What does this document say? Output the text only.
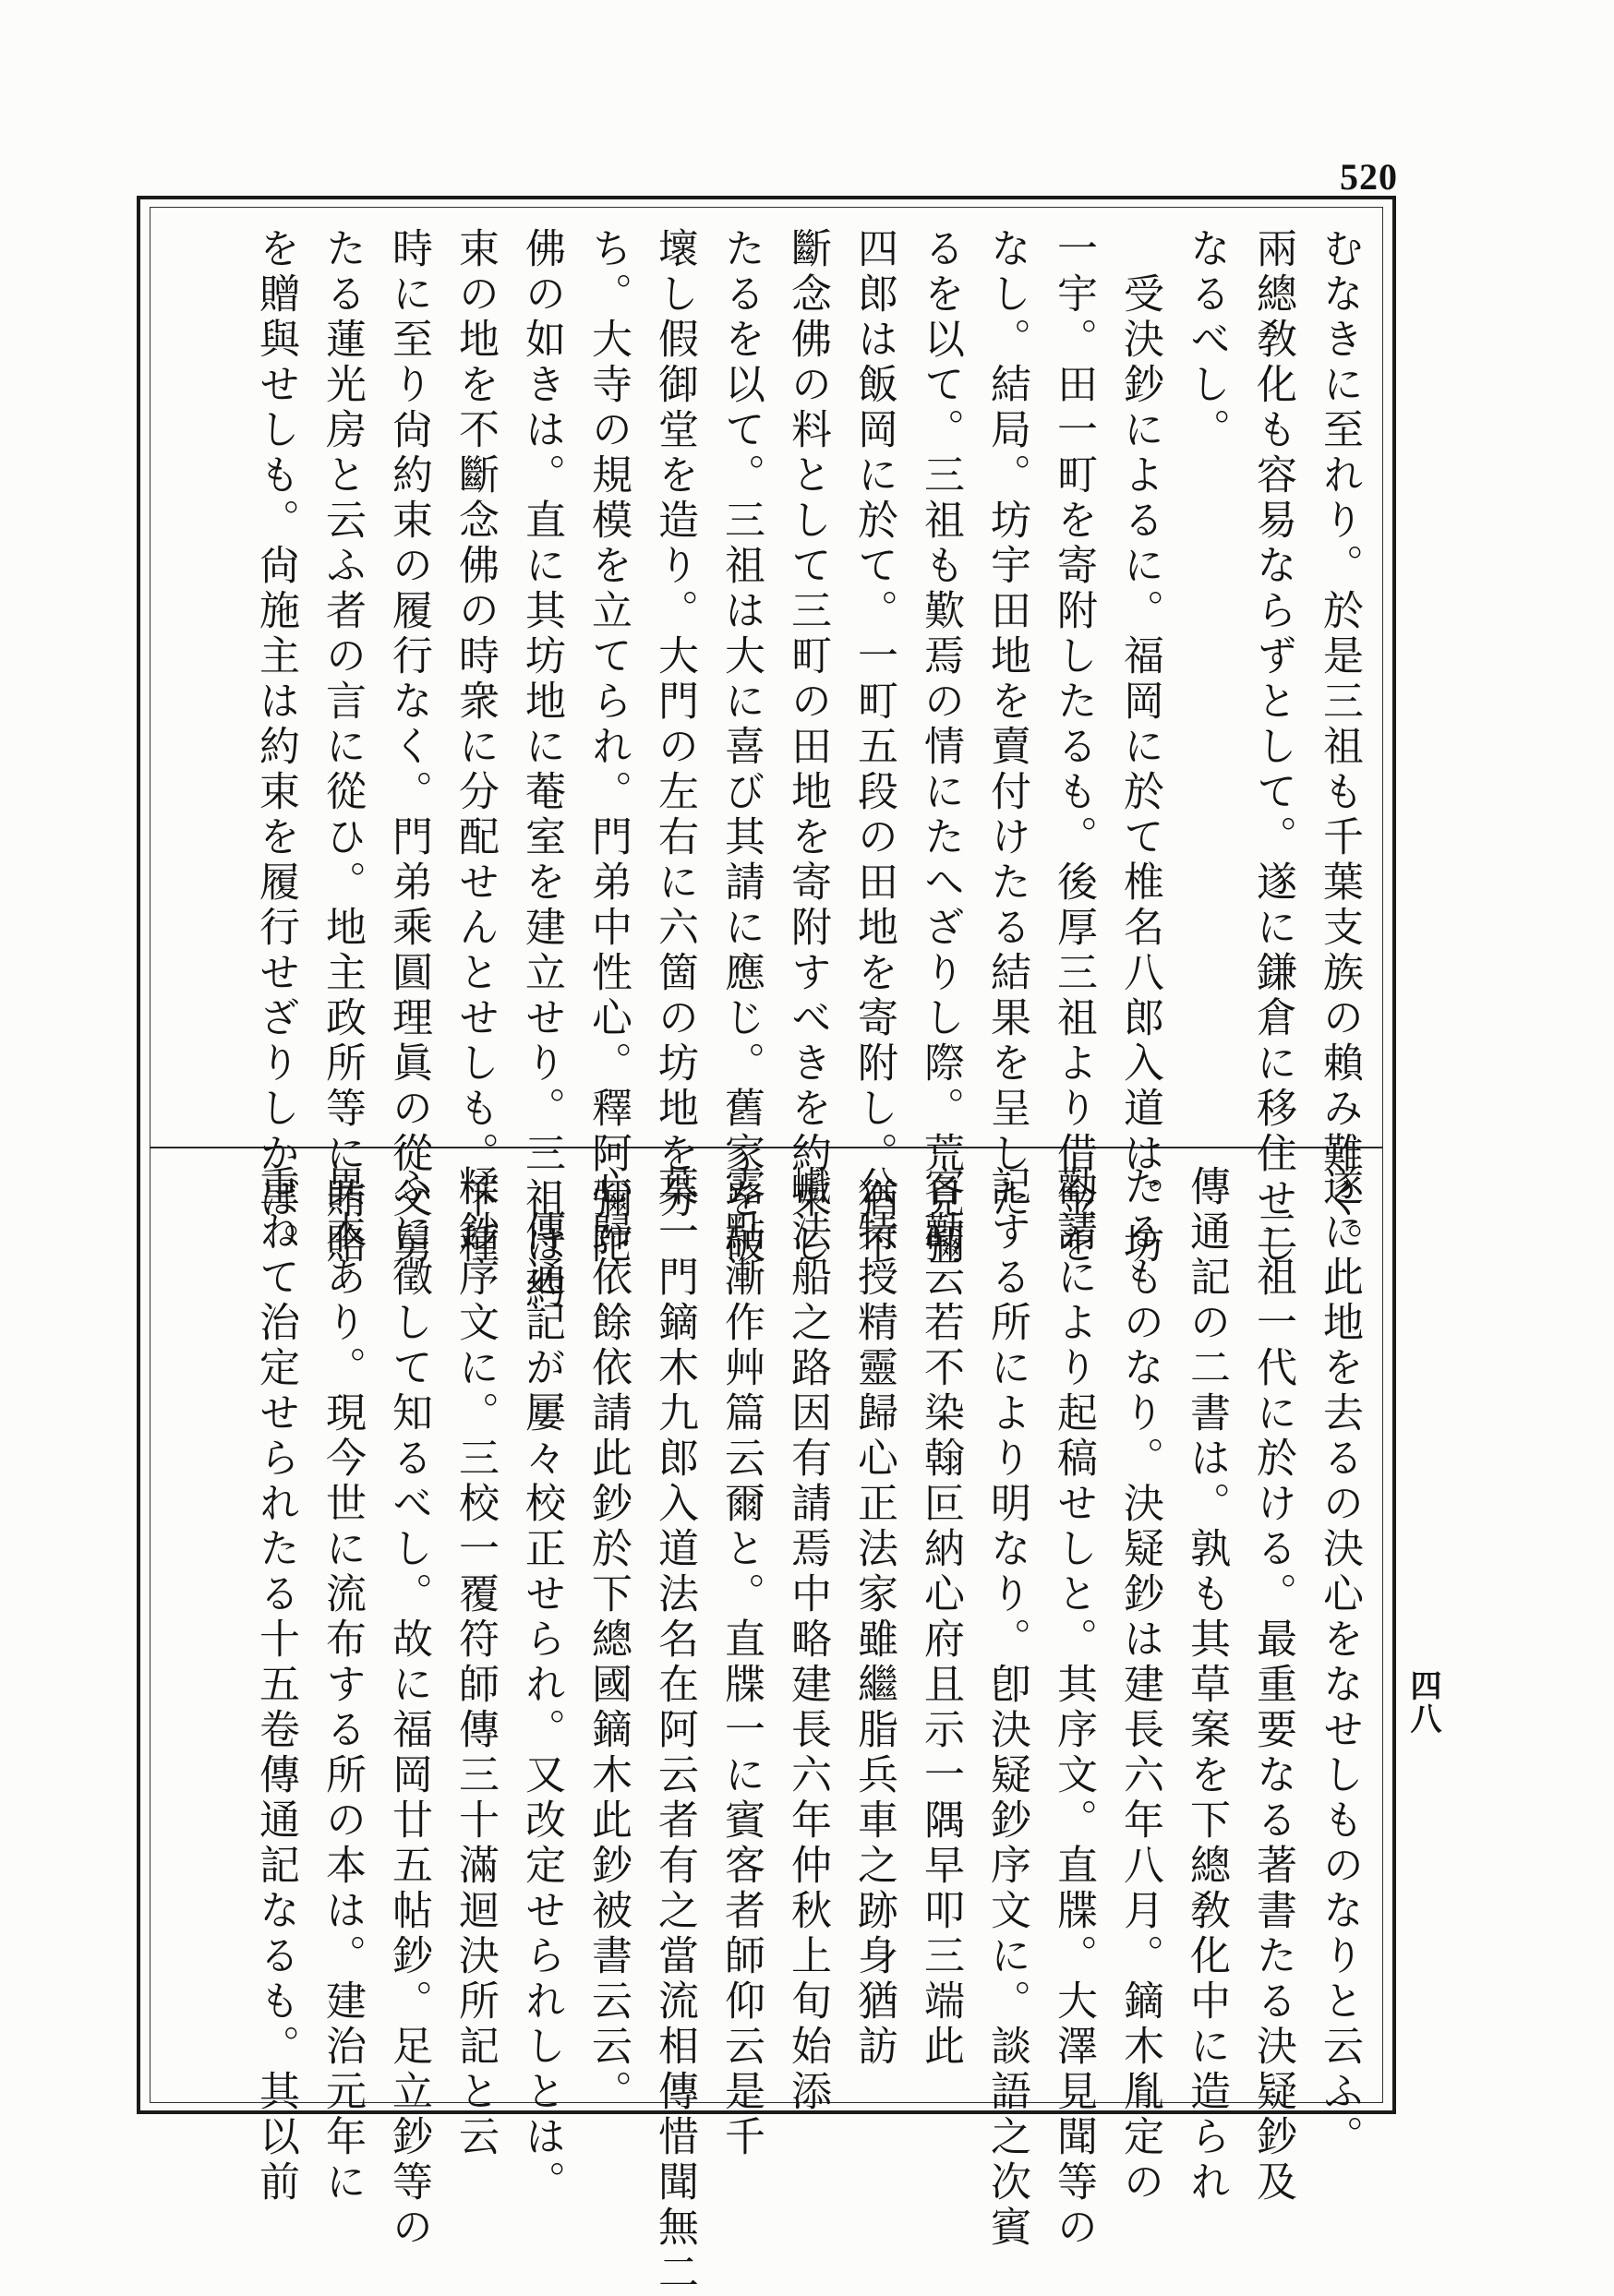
520
四八
むなきに至れり。於是三祖も千葉支族の賴み難く。
兩總敎化も容易ならずとして。遂に鎌倉に移住せし
なるべし。
　受決鈔によるに。福岡に於て椎名八郎入道は。坊
一宇。田一町を寄附したるも。後厚三祖より借金を
なし。結局。坊宇田地を賣付けたる結果を呈した
るを以て。三祖も歎焉の情にたへざりし際。荒見彌
四郎は飯岡に於て。一町五段の田地を寄附し。猶不
斷念佛の料として三町の田地を寄附すべきを約束し
たるを以て。三祖は大に喜び其請に應じ。舊家を破
壞し假御堂を造り。大門の左右に六箇の坊地を分
ち。大寺の規模を立てられ。門弟中性心。釋阿彌陀
佛の如きは。直に其坊地に菴室を建立せり。三祖は約
束の地を不斷念佛の時衆に分配せんとせしも。下種
時に至り尙約束の履行なく。門弟乘圓理眞の從父舅
たる蓮光房と云ふ者の言に從ひ。地主政所等に賄賂
を贈與せしも。尙施主は約束を履行せざりしかば。
遂に此地を去るの決心をなせしものなりと云ふ。
　三祖一代に於ける。最重要なる著書たる決疑鈔及
傳通記の二書は。孰も其草案を下總敎化中に造られ
たるものなり。決疑鈔は建長六年八月。鏑木胤定の
勸請により起稿せしと。其序文。直牒。大澤見聞等の
記する所により明なり。卽決疑鈔序文に。談語之次賓
客勸云若不染翰叵納心府且示一隅早叩三端此
公特授精靈歸心正法家雖繼脂兵車之跡身猶訪
巇法船之路因有請焉中略建長六年仲秋上旬始添
露點漸作艸篇云爾と。直牒一に賓客者師仰云是千
葉一門鏑木九郎入道法名在阿云者有之當流相傳惜聞無二
心歸依餘依請此鈔於下總國鏑木此鈔被書云云。
　傳通記が屢々校正せられ。又改定せられしとは。
糅鈔序文に。三校一覆符師傳三十滿迴決所記と云
ふに徵して知るべし。故に福岡廿五帖鈔。足立鈔等の
異本あり。現今世に流布する所の本は。建治元年に
重ねて治定せられたる十五卷傳通記なるも。其以前
